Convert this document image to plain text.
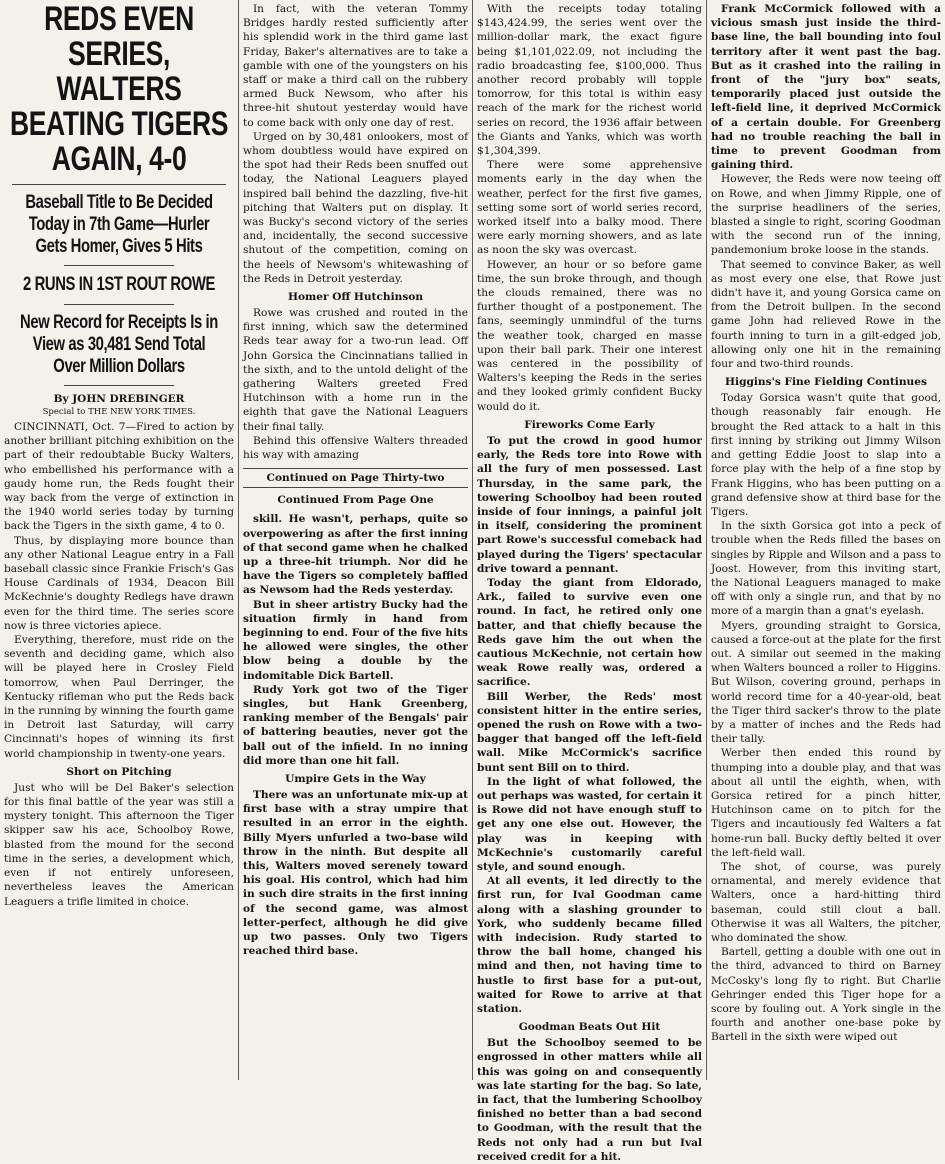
REDS EVEN SERIES, WALTERS BEATING TIGERS AGAIN, 4-0
Baseball Title to Be Decided Today in 7th Game—Hurler Gets Homer, Gives 5 Hits
2 RUNS IN 1ST ROUT ROWE
New Record for Receipts Is in View as 30,481 Send Total Over Million Dollars
By JOHN DREBINGER
Special to THE NEW YORK TIMES.

CINCINNATI, Oct. 7—Fired to action by another brilliant pitching exhibition on the part of their redoubtable Bucky Walters, who embellished his performance with a gaudy home run, the Reds fought their way back from the verge of extinction in the 1940 world series today by turning back the Tigers in the sixth game, 4 to 0.

Thus, by displaying more bounce than any other National League entry in a Fall baseball classic since Frankie Frisch's Gas House Cardinals of 1934, Deacon Bill McKechnie's doughty Redlegs have drawn even for the third time. The series score now is three victories apiece.

Everything, therefore, must ride on the seventh and deciding game, which also will be played here in Crosley Field tomorrow, when Paul Derringer, the Kentucky rifleman who put the Reds back in the running by winning the fourth game in Detroit last Saturday, will carry Cincinnati's hopes of winning its first world championship in twenty-one years.

Short on Pitching

Just who will be Del Baker's selection for this final battle of the year was still a mystery tonight. This afternoon the Tiger skipper saw his ace, Schoolboy Rowe, blasted from the mound for the second time in the series, a development which, even if not entirely unforeseen, nevertheless leaves the American Leaguers a trifle limited in choice.

In fact, with the veteran Tommy Bridges hardly rested sufficiently after his splendid work in the third game last Friday, Baker's alternatives are to take a gamble with one of the youngsters on his staff or make a third call on the rubbery armed Buck Newsom, who after his three-hit shutout yesterday would have to come back with only one day of rest.

Urged on by 30,481 onlookers, most of whom doubtless would have expired on the spot had their Reds been snuffed out today, the National Leaguers played inspired ball behind the dazzling, five-hit pitching that Walters put on display. It was Bucky's second victory of the series and, incidentally, the second successive shutout of the competition, coming on the heels of Newsom's whitewashing of the Reds in Detroit yesterday.

Homer Off Hutchinson

Rowe was crushed and routed in the first inning, which saw the determined Reds tear away for a two-run lead. Off John Gorsica the Cincinnatians tallied in the sixth, and to the untold delight of the gathering Walters greeted Fred Hutchinson with a home run in the eighth that gave the National Leaguers their final tally.

Behind this offensive Walters threaded his way with amazing

Continued on Page Thirty-two
Continued From Page One

skill. He wasn't, perhaps, quite so overpowering as after the first inning of that second game when he chalked up a three-hit triumph. Nor did he have the Tigers so completely baffled as Newsom had the Reds yesterday.

But in sheer artistry Bucky had the situation firmly in hand from beginning to end. Four of the five hits he allowed were singles, the other blow being a double by the indomitable Dick Bartell.

Rudy York got two of the Tiger singles, but Hank Greenberg, ranking member of the Bengals' pair of battering beauties, never got the ball out of the infield. In no inning did more than one hit fall.

Umpire Gets in the Way

There was an unfortunate mix-up at first base with a stray umpire that resulted in an error in the eighth. Billy Myers unfurled a two-base wild throw in the ninth. But despite all this, Walters moved serenely toward his goal. His control, which had him in such dire straits in the first inning of the second game, was almost letter-perfect, although he did give up two passes. Only two Tigers reached third base.

With the receipts today totaling $143,424.99, the series went over the million-dollar mark, the exact figure being $1,101,022.09, not including the radio broadcasting fee, $100,000. Thus another record probably will topple tomorrow, for this total is within easy reach of the mark for the richest world series on record, the 1936 affair between the Giants and Yanks, which was worth $1,304,399.

There were some apprehensive moments early in the day when the weather, perfect for the first five games, setting some sort of world series record, worked itself into a balky mood. There were early morning showers, and as late as noon the sky was overcast.

However, an hour or so before game time, the sun broke through, and though the clouds remained, there was no further thought of a postponement. The fans, seemingly unmindful of the turns the weather took, charged en masse upon their ball park. Their one interest was centered in the possibility of Walters's keeping the Reds in the series and they looked grimly confident Bucky would do it.

Fireworks Come Early

To put the crowd in good humor early, the Reds tore into Rowe with all the fury of men possessed. Last Thursday, in the same park, the towering Schoolboy had been routed inside of four innings, a painful jolt in itself, considering the prominent part Rowe's successful comeback had played during the Tigers' spectacular drive toward a pennant.

Today the giant from Eldorado, Ark., failed to survive even one round. In fact, he retired only one batter, and that chiefly because the Reds gave him the out when the cautious McKechnie, not certain how weak Rowe really was, ordered a sacrifice.

Bill Werber, the Reds' most consistent hitter in the entire series, opened the rush on Rowe with a two-bagger that banged off the left-field wall. Mike McCormick's sacrifice bunt sent Bill on to third.

In the light of what followed, the out perhaps was wasted, for certain it is Rowe did not have enough stuff to get any one else out. However, the play was in keeping with McKechnie's customarily careful style, and sound enough.

At all events, it led directly to the first run, for Ival Goodman came along with a slashing grounder to York, who suddenly became filled with indecision. Rudy started to throw the ball home, changed his mind and then, not having time to hustle to first base for a put-out, waited for Rowe to arrive at that station.

Goodman Beats Out Hit

But the Schoolboy seemed to be engrossed in other matters while all this was going on and consequently was late starting for the bag. So late, in fact, that the lumbering Schoolboy finished no better than a bad second to Goodman, with the result that the Reds not only had a run but Ival received credit for a hit.

Frank McCormick followed with a vicious smash just inside the third-base line, the ball bounding into foul territory after it went past the bag. But as it crashed into the railing in front of the "jury box" seats, temporarily placed just outside the left-field line, it deprived McCormick of a certain double. For Greenberg had no trouble reaching the ball in time to prevent Goodman from gaining third.

However, the Reds were now teeing off on Rowe, and when Jimmy Ripple, one of the surprise headliners of the series, blasted a single to right, scoring Goodman with the second run of the inning, pandemonium broke loose in the stands.

That seemed to convince Baker, as well as most every one else, that Rowe just didn't have it, and young Gorsica came on from the Detroit bullpen. In the second game John had relieved Rowe in the fourth inning to turn in a gilt-edged job, allowing only one hit in the remaining four and two-third rounds.

Higgins's Fine Fielding Continues

Today Gorsica wasn't quite that good, though reasonably fair enough. He brought the Red attack to a halt in this first inning by striking out Jimmy Wilson and getting Eddie Joost to slap into a force play with the help of a fine stop by Frank Higgins, who has been putting on a grand defensive show at third base for the Tigers.

In the sixth Gorsica got into a peck of trouble when the Reds filled the bases on singles by Ripple and Wilson and a pass to Joost. However, from this inviting start, the National Leaguers managed to make off with only a single run, and that by no more of a margin than a gnat's eyelash.

Myers, grounding straight to Gorsica, caused a force-out at the plate for the first out. A similar out seemed in the making when Walters bounced a roller to Higgins. But Wilson, covering ground, perhaps in world record time for a 40-year-old, beat the Tiger third sacker's throw to the plate by a matter of inches and the Reds had their tally.

Werber then ended this round by thumping into a double play, and that was about all until the eighth, when, with Gorsica retired for a pinch hitter, Hutchinson came on to pitch for the Tigers and incautiously fed Walters a fat home-run ball. Bucky deftly belted it over the left-field wall.

The shot, of course, was purely ornamental, and merely evidence that Walters, once a hard-hitting third baseman, could still clout a ball. Otherwise it was all Walters, the pitcher, who dominated the show.

Bartell, getting a double with one out in the third, advanced to third on Barney McCosky's long fly to right. But Charlie Gehringer ended this Tiger hope for a score by fouling out. A York single in the fourth and another one-base poke by Bartell in the sixth were wiped out
